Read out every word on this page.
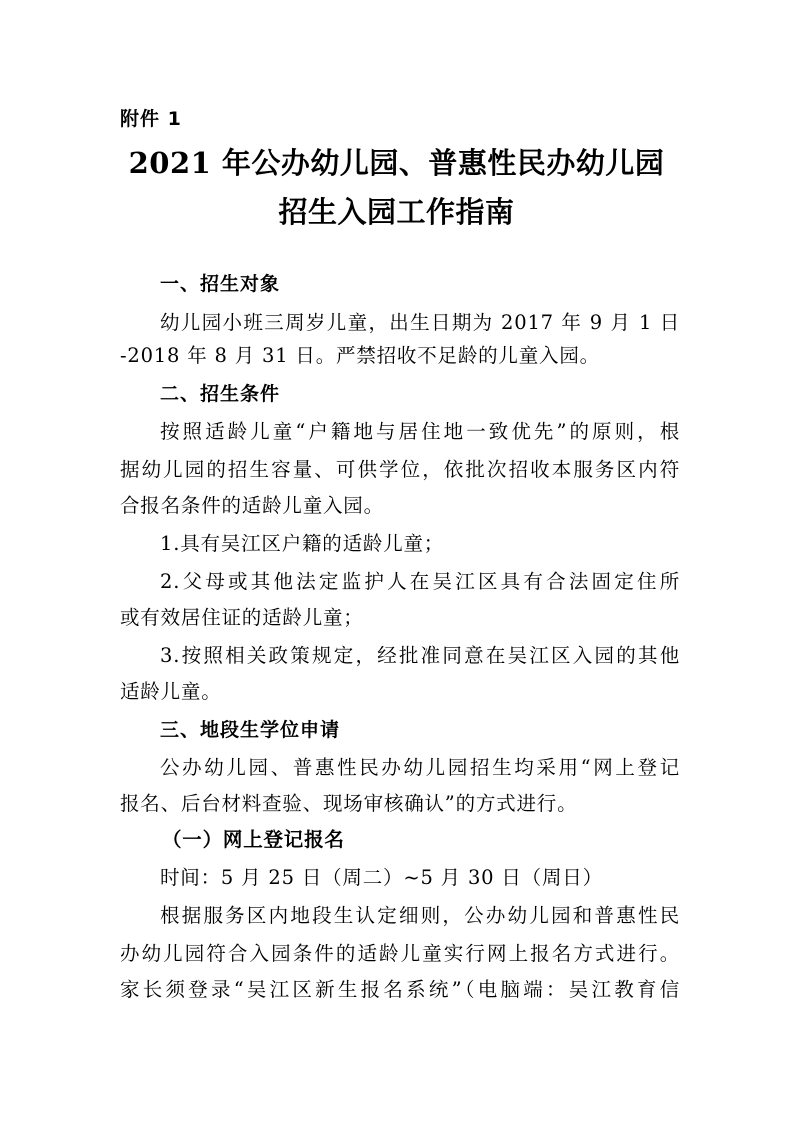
附件 1
2021 年公办幼儿园、普惠性民办幼儿园
招生入园工作指南
一、招生对象
幼儿园小班三周岁儿童，出生日期为 2017 年 9 月 1 日
-2018 年 8 月 31 日。严禁招收不足龄的儿童入园。
二、招生条件
按照适龄儿童“户籍地与居住地一致优先”的原则，根
据幼儿园的招生容量、可供学位，依批次招收本服务区内符
合报名条件的适龄儿童入园。
1.具有吴江区户籍的适龄儿童；
2.父母或其他法定监护人在吴江区具有合法固定住所
或有效居住证的适龄儿童；
3.按照相关政策规定，经批准同意在吴江区入园的其他
适龄儿童。
三、地段生学位申请
公办幼儿园、普惠性民办幼儿园招生均采用“网上登记
报名、后台材料查验、现场审核确认”的方式进行。
（一）网上登记报名
时间：5 月 25 日（周二）~5 月 30 日（周日）
根据服务区内地段生认定细则，公办幼儿园和普惠性民
办幼儿园符合入园条件的适龄儿童实行网上报名方式进行。
家长须登录“吴江区新生报名系统”（电脑端：吴江教育信
